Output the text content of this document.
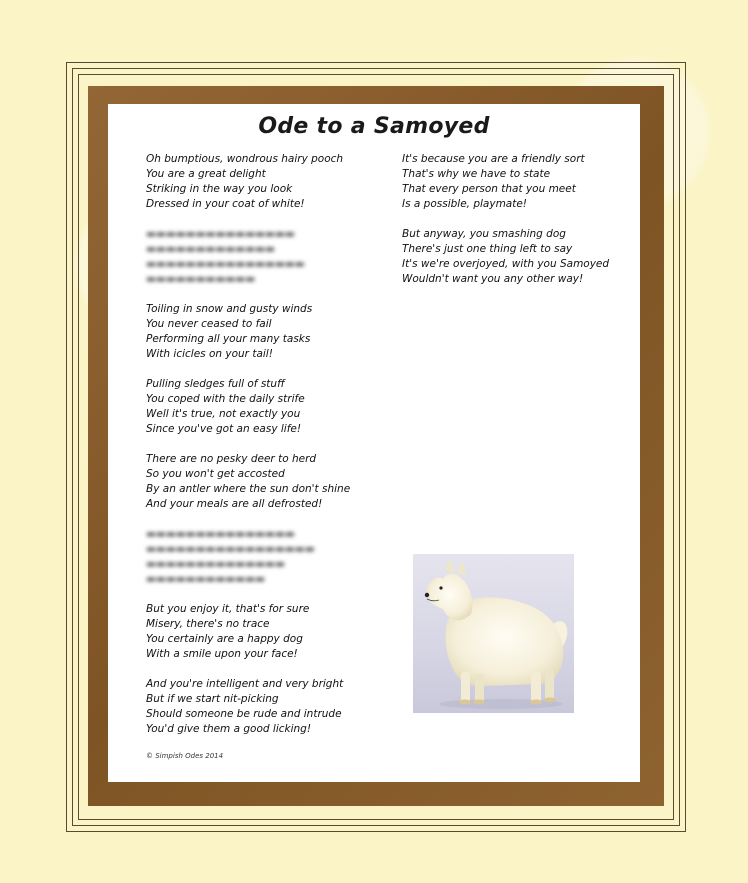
Ode to a Samoyed
Oh bumptious, wondrous hairy pooch
You are a great delight
Striking in the way you look
Dressed in your coat of white!
▬▬▬▬▬▬▬▬▬▬▬▬▬▬▬
▬▬▬▬▬▬▬▬▬▬▬▬▬
▬▬▬▬▬▬▬▬▬▬▬▬▬▬▬▬
▬▬▬▬▬▬▬▬▬▬▬
Toiling in snow and gusty winds
You never ceased to fail
Performing all your many tasks
With icicles on your tail!
Pulling sledges full of stuff
You coped with the daily strife
Well it's true, not exactly you
Since you've got an easy life!
There are no pesky deer to herd
So you won't get accosted
By an antler where the sun don't shine
And your meals are all defrosted!
▬▬▬▬▬▬▬▬▬▬▬▬▬▬▬
▬▬▬▬▬▬▬▬▬▬▬▬▬▬▬▬▬
▬▬▬▬▬▬▬▬▬▬▬▬▬▬
▬▬▬▬▬▬▬▬▬▬▬▬
But you enjoy it, that's for sure
Misery, there's no trace
You certainly are a happy dog
With a smile upon your face!
And you're intelligent and very bright
But if we start nit-picking
Should someone be rude and intrude
You'd give them a good licking!
It's because you are a friendly sort
That's why we have to state
That every person that you meet
Is a possible, playmate!
But anyway, you smashing dog
There's just one thing left to say
It's we're overjoyed, with you Samoyed
Wouldn't want you any other way!
© Simpish Odes 2014
